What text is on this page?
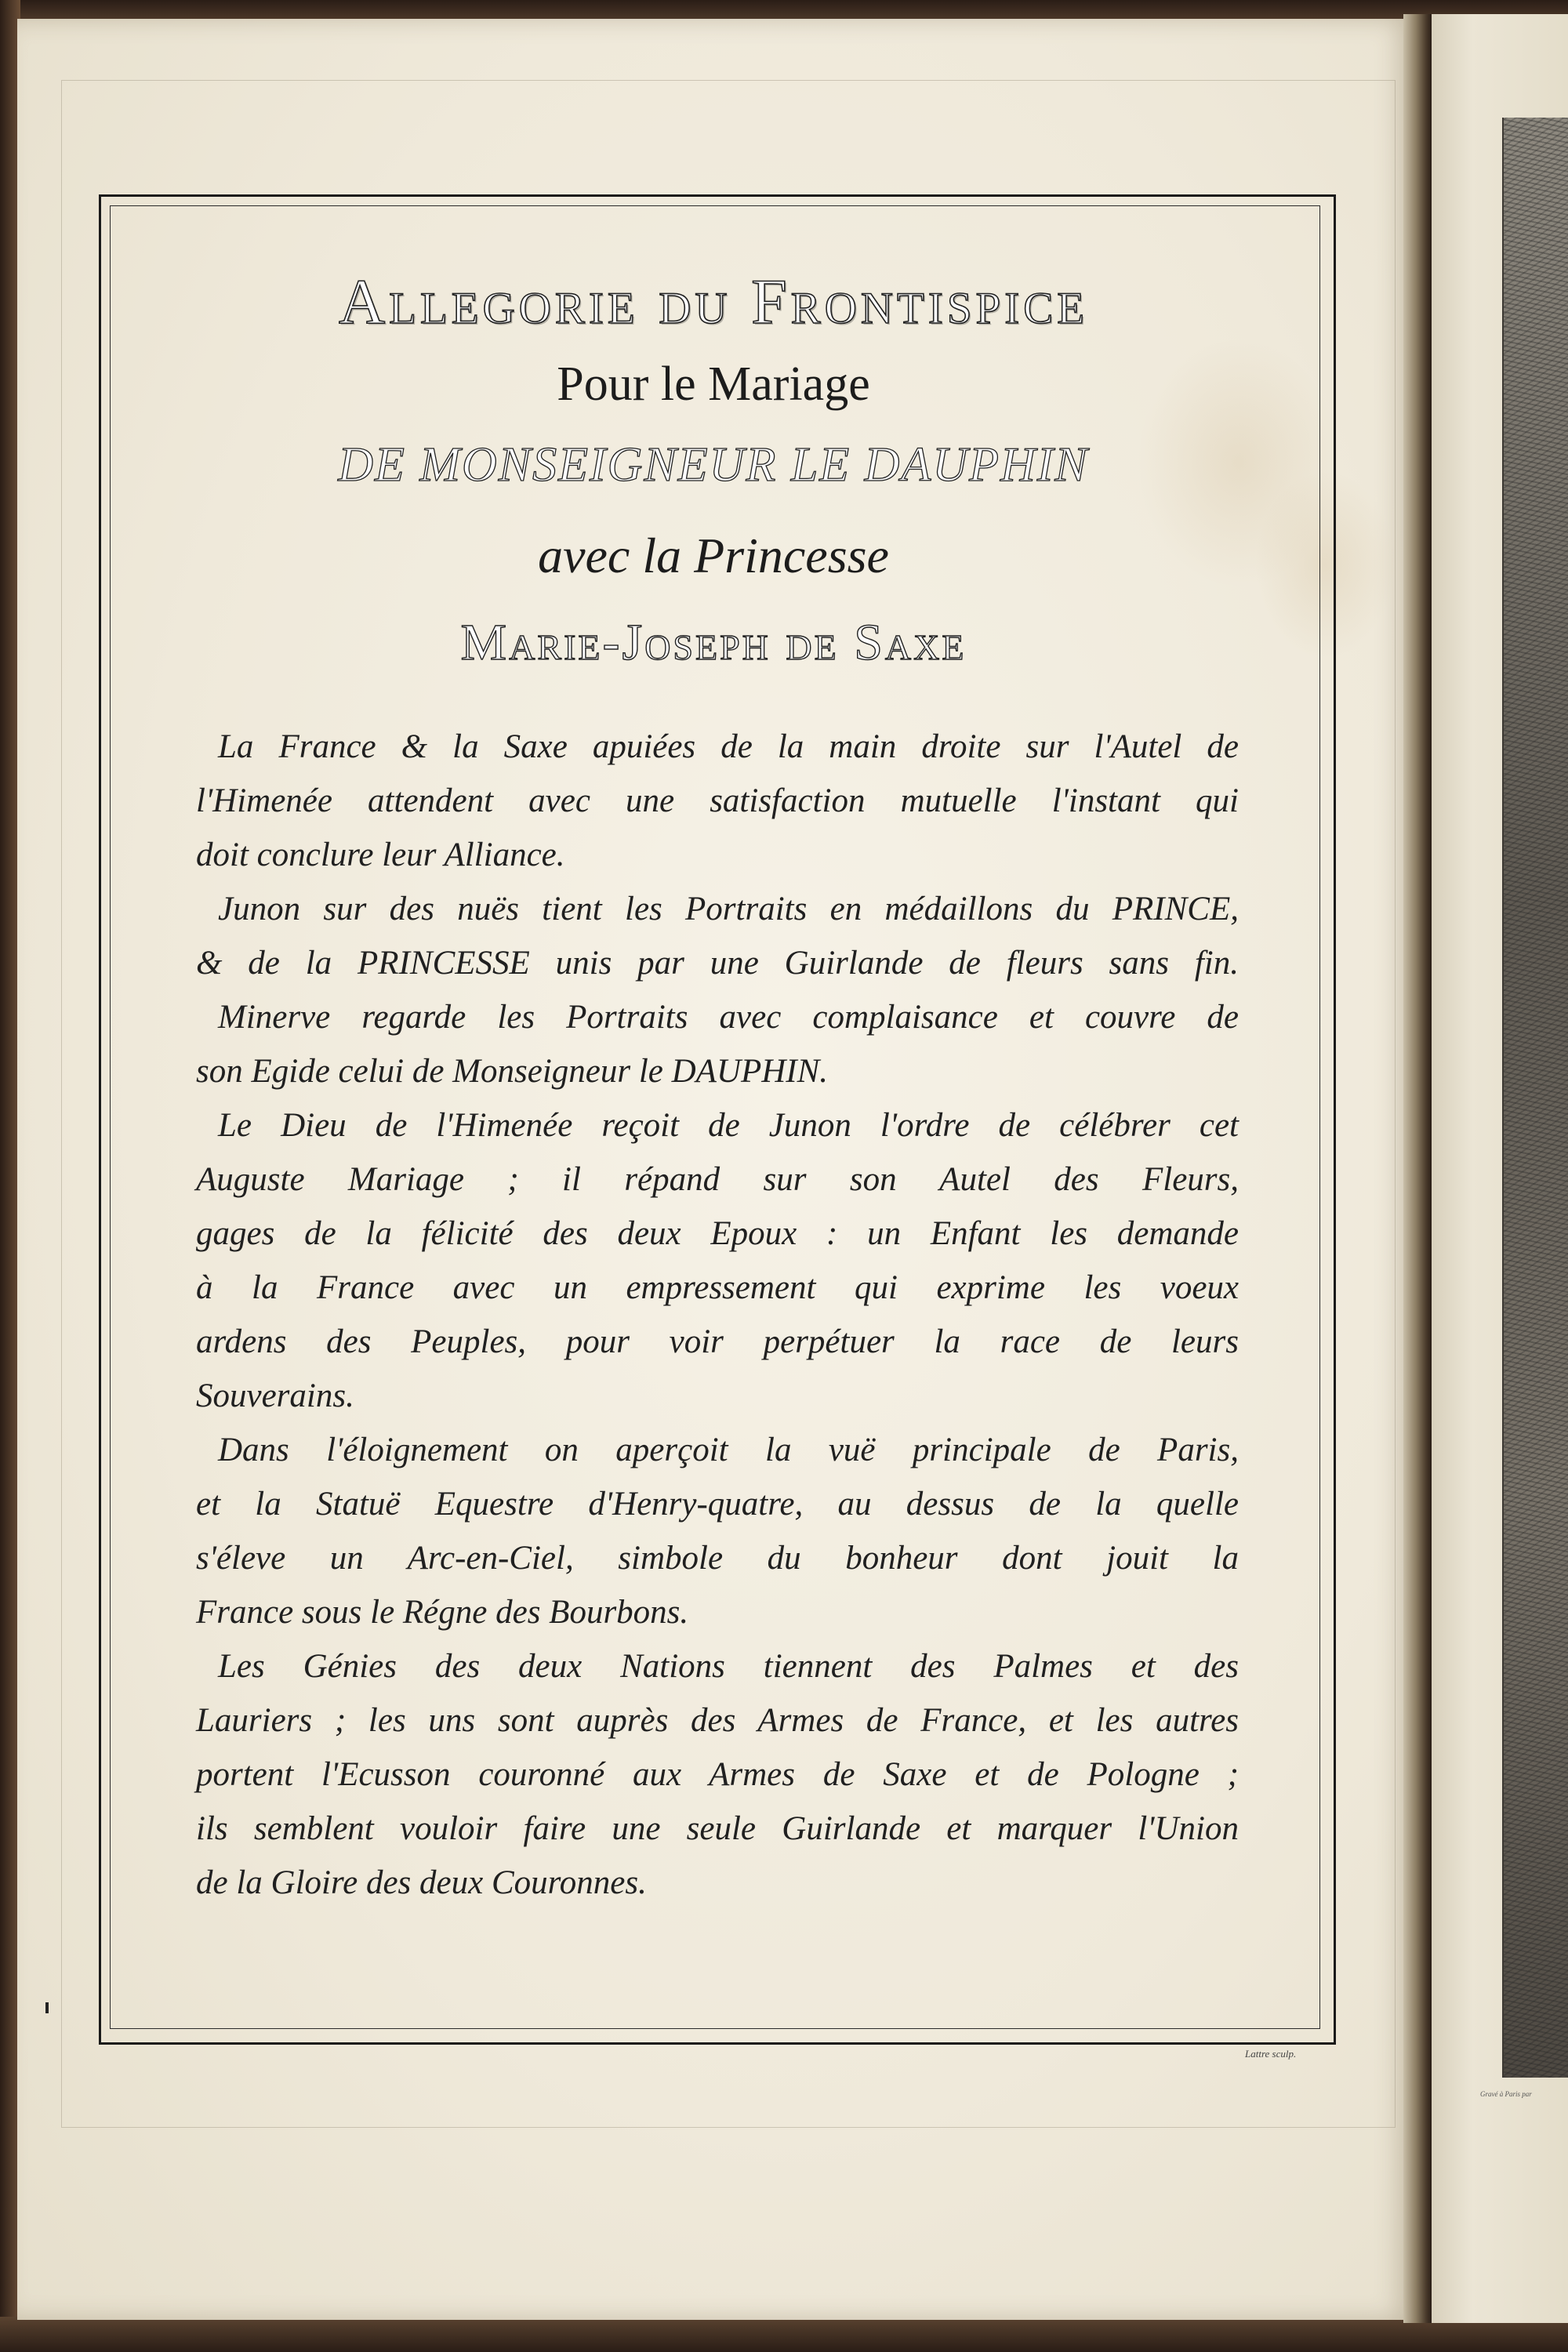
Gravé à Paris par
Allegorie du Frontispice
Pour le Mariage
DE MONSEIGNEUR LE DAUPHIN
avec la Princesse
Marie-Joseph de Saxe
La France & la Saxe apuiées de la main droite sur l'Autel de
l'Himenée attendent avec une satisfaction mutuelle l'instant qui
doit conclure leur Alliance.
Junon sur des nuës tient les Portraits en médaillons du PRINCE,
& de la PRINCESSE unis par une Guirlande de fleurs sans fin.
Minerve regarde les Portraits avec complaisance et couvre de
son Egide celui de Monseigneur le DAUPHIN.
Le Dieu de l'Himenée reçoit de Junon l'ordre de célébrer cet
Auguste Mariage ; il répand sur son Autel des Fleurs,
gages de la félicité des deux Epoux : un Enfant les demande
à la France avec un empressement qui exprime les voeux
ardens des Peuples, pour voir perpétuer la race de leurs
Souverains.
Dans l'éloignement on aperçoit la vuë principale de Paris,
et la Statuë Equestre d'Henry-quatre, au dessus de la quelle
s'éleve un Arc-en-Ciel, simbole du bonheur dont jouit la
France sous le Régne des Bourbons.
Les Génies des deux Nations tiennent des Palmes et des
Lauriers ; les uns sont auprès des Armes de France, et les autres
portent l'Ecusson couronné aux Armes de Saxe et de Pologne ;
ils semblent vouloir faire une seule Guirlande et marquer l'Union
de la Gloire des deux Couronnes.
Lattre sculp.
